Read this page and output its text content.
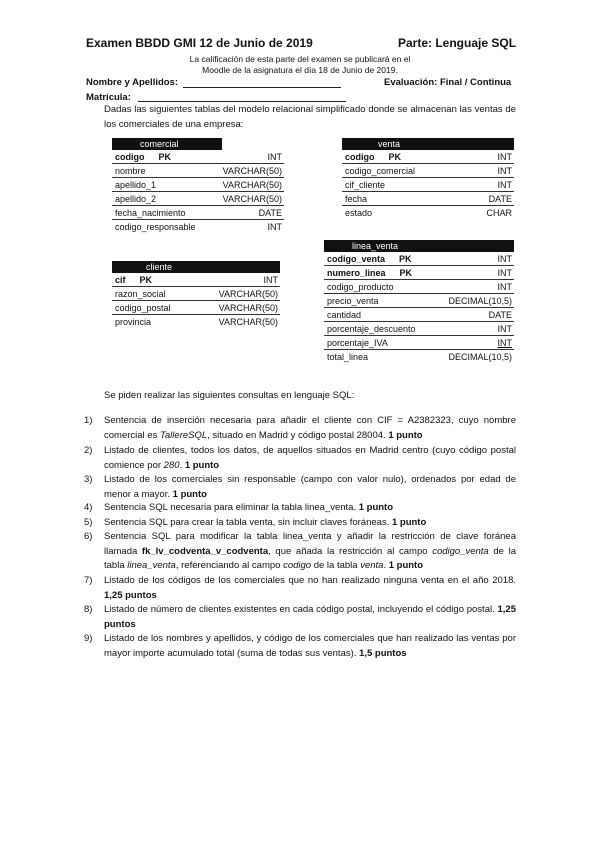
Examen BBDD GMI 12 de Junio de 2019	Parte: Lenguaje SQL
La calificación de esta parte del examen se publicará en el
Moodle de la asignatura el día 18 de Junio de 2019.
Nombre y Apellidos:	Evaluación: Final / Continua
Matrícula:
Dadas las siguientes tablas del modelo relacional simplificado donde se almacenan las ventas de los comerciales de una empresa:
comercial
codigo PK	INT
nombre	VARCHAR(50)
apellido_1	VARCHAR(50)
apellido_2	VARCHAR(50)
fecha_nacimiento	DATE
codigo_responsable	INT
venta
codigo PK	INT
codigo_comercial	INT
cif_cliente	INT
fecha	DATE
estado	CHAR
cliente
cif PK	INT
razon_social	VARCHAR(50)
codigo_postal	VARCHAR(50)
provincia	VARCHAR(50)
linea_venta
codigo_venta PK	INT
numero_linea PK	INT
codigo_producto	INT
precio_venta	DECIMAL(10,5)
cantidad	DATE
porcentaje_descuento	INT
porcentaje_IVA	INT
total_linea	DECIMAL(10,5)
Se piden realizar las siguientes consultas en lenguaje SQL:
1) Sentencia de inserción necesaria para añadir el cliente con CIF = A2382323, cuyo nombre comercial es TallereSQL, situado en Madrid y código postal 28004. 1 punto
2) Listado de clientes, todos los datos, de aquellos situados en Madrid centro (cuyo código postal comience por 280. 1 punto
3) Listado de los comerciales sin responsable (campo con valor nulo), ordenados por edad de menor a mayor. 1 punto
4) Sentencia SQL necesaria para eliminar la tabla linea_venta. 1 punto
5) Sentencia SQL para crear la tabla venta, sin incluir claves foráneas. 1 punto
6) Sentencia SQL para modificar la tabla linea_venta y añadir la restricción de clave foránea llamada fk_lv_codventa_v_codventa, que añada la restricción al campo codigo_venta de la tabla linea_venta, referenciando al campo codigo de la tabla venta. 1 punto
7) Listado de los códigos de los comerciales que no han realizado ninguna venta en el año 2018. 1,25 puntos
8) Listado de número de clientes existentes en cada código postal, incluyendo el código postal. 1,25 puntos
9) Listado de los nombres y apellidos, y código de los comerciales que han realizado las ventas por mayor importe acumulado total (suma de todas sus ventas). 1,5 puntos
